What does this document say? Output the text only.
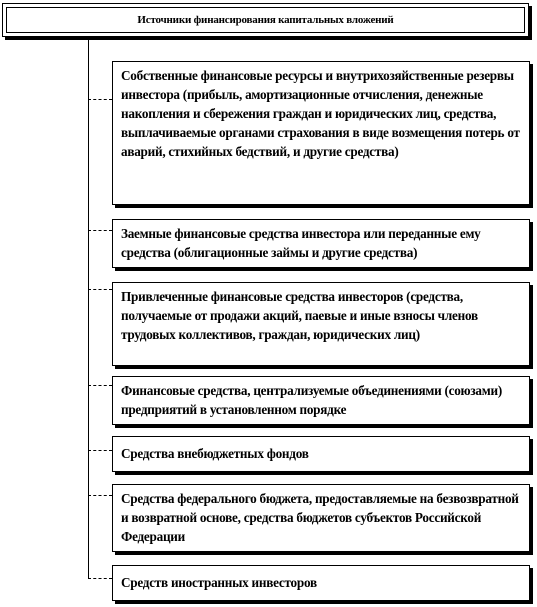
Источники финансирования капитальных вложений
Собственные финансовые ресурсы и внутрихозяйственные резервы инвестора (прибыль, амортизационные отчисления, денежные накопления и сбережения граждан и юридических лиц, средства, выплачиваемые органами страхования в виде возмещения потерь от аварий, стихийных бедствий, и другие средства)
Заемные финансовые средства инвестора или переданные ему средства (облигационные займы и другие средства)
Привлеченные финансовые средства инвесторов (средства, получаемые от продажи акций, паевые и иные взносы членов трудовых коллективов, граждан, юридических лиц)
Финансовые средства, централизуемые объединениями (союзами) предприятий в установленном порядке
Средства внебюджетных фондов
Средства федерального бюджета, предоставляемые на безвозвратной и возвратной основе, средства бюджетов субъектов Российской Федерации
Средств иностранных инвесторов
